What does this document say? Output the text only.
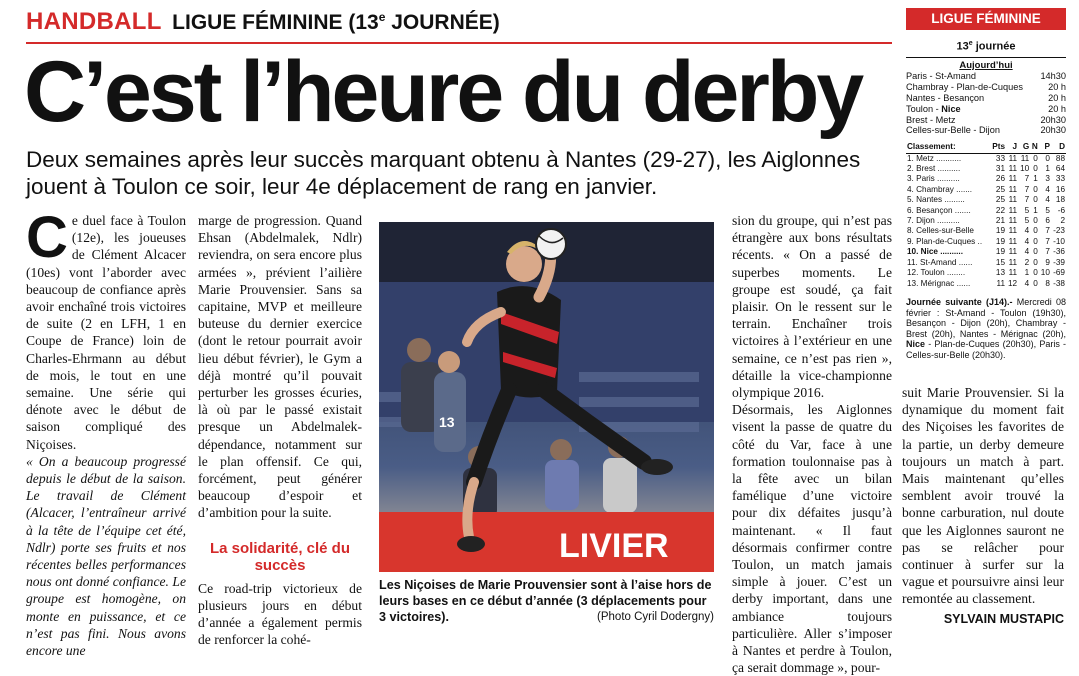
HANDBALL LIGUE FÉMININE (13e JOURNÉE)
C’est l’heure du derby

Deux semaines après leur succès marquant obtenu à Nantes (29-27), les Aiglonnes jouent à Toulon ce soir, leur 4e déplacement de rang en janvier.

Ce duel face à Toulon (12e), les joueuses de Clément Alcacer (10es) vont l’aborder avec beaucoup de confiance après avoir enchaîné trois victoires de suite (2 en LFH, 1 en Coupe de France) loin de Charles-Ehrmann au début de mois, le tout en une semaine. Une série qui dénote avec le début de saison compliqué des Niçoises.

« On a beaucoup progressé depuis le début de la saison. Le travail de Clément (Alcacer, l’entraîneur arrivé à la tête de l’équipe cet été, Ndlr) porte ses fruits et nos récentes belles performances nous ont donné confiance. Le groupe est homogène, on monte en puissance, et ce n’est pas fini. Nous avons encore une

marge de progression. Quand Ehsan (Abdelmalek, Ndlr) reviendra, on sera encore plus armées », prévient l’ailière Marie Prouvensier. Sans sa capitaine, MVP et meilleure buteuse du dernier exercice (dont le retour pourrait avoir lieu début février), le Gym a déjà montré qu’il pouvait perturber les grosses écuries, là où par le passé existait presque un Abdelmalek-dépendance, notamment sur le plan offensif. Ce qui, forcément, peut générer beaucoup d’espoir et d’ambition pour la suite.

La solidarité, clé du succès

Ce road-trip victorieux de plusieurs jours en début d’année a également permis de renforcer la cohé-

LIVIER
13
Les Niçoises de Marie Prouvensier sont à l’aise hors de leurs bases en ce début d’année (3 déplacements pour 3 victoires).	(Photo Cyril Dodergny)

sion du groupe, qui n’est pas étrangère aux bons résultats récents. « On a passé de superbes moments. Le groupe est soudé, ça fait plaisir. On le ressent sur le terrain. Enchaîner trois victoires à l’extérieur en une semaine, ce n’est pas rien », détaille la vice-championne olympique 2016.

Désormais, les Aiglonnes visent la passe de quatre du côté du Var, face à une formation toulonnaise pas à la fête avec un bilan famélique d’une victoire pour dix défaites jusqu’à maintenant. « Il faut désormais confirmer contre Toulon, un match jamais simple à jouer. C’est un derby important, dans une ambiance toujours particulière. Aller s’imposer à Nantes et perdre à Toulon, ça serait dommage », pour-

suit Marie Prouvensier. Si la dynamique du moment fait des Niçoises les favorites de la partie, un derby demeure toujours un match à part. Mais maintenant qu’elles semblent avoir trouvé la bonne carburation, nul doute que les Aiglonnes sauront ne pas se relâcher pour continuer à surfer sur la vague et poursuivre ainsi leur remontée au classement.

SYLVAIN MUSTAPIC
LIGUE FÉMININE
13e journée
Aujourd’hui
Paris - St-Amand	14h30
Chambray - Plan-de-Cuques	20 h
Nantes - Besançon	20 h
Toulon - Nice	20 h
Brest - Metz	20h30
Celles-sur-Belle - Dijon	20h30
Classement:	Pts	J	G	N	P	D
1. Metz ...........	33	11	11	0	0	88
2. Brest ..........	31	11	10	0	1	64
3. Paris ..........	26	11	7	1	3	33
4. Chambray .......	25	11	7	0	4	16
5. Nantes .........	25	11	7	0	4	18
6. Besançon .......	22	11	5	1	5	-6
7. Dijon ..........	21	11	5	0	6	2
8. Celles-sur-Belle	19	11	4	0	7	-23
9. Plan-de-Cuques ..	19	11	4	0	7	-10
10. Nice ..........	19	11	4	0	7	-36
11. St-Amand ......	15	11	2	0	9	-39
12. Toulon ........	13	11	1	0	10	-69
13. Mérignac ......	11	12	4	0	8	-38
Journée suivante (J14).- Mercredi 08 février : St-Amand - Toulon (19h30), Besançon - Dijon (20h), Chambray - Brest (20h), Nantes - Mérignac (20h), Nice - Plan-de-Cuques (20h30), Paris - Celles-sur-Belle (20h30).
